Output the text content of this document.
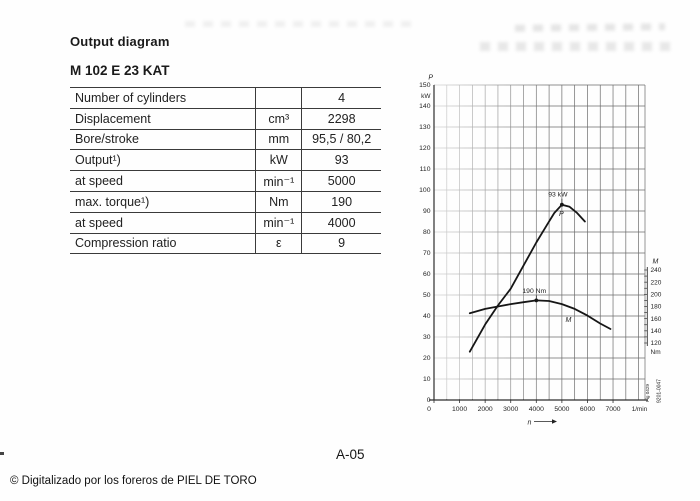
Output diagram
M 102 E 23 KAT
Number of cylinders		4
Displacement	cm³	2298
Bore/stroke	mm	95,5 / 80,2
Output¹)	kW	93
at speed	min⁻¹	5000
max. torque¹)	Nm	190
at speed	min⁻¹	4000
Compression ratio	ε	9
93 kW
P
190 Nm
M
P
0
10
20
30
40
50
60
70
80
90
100
110
120
130
140
150
kW
0	1000 2000 3000 4000 5000 6000 7000 1/min
n
M
240
220
200
180
160
140
120
Nm
Fig 0429 9201-0047
A-05
© Digitalizado por los foreros de PIEL DE TORO
